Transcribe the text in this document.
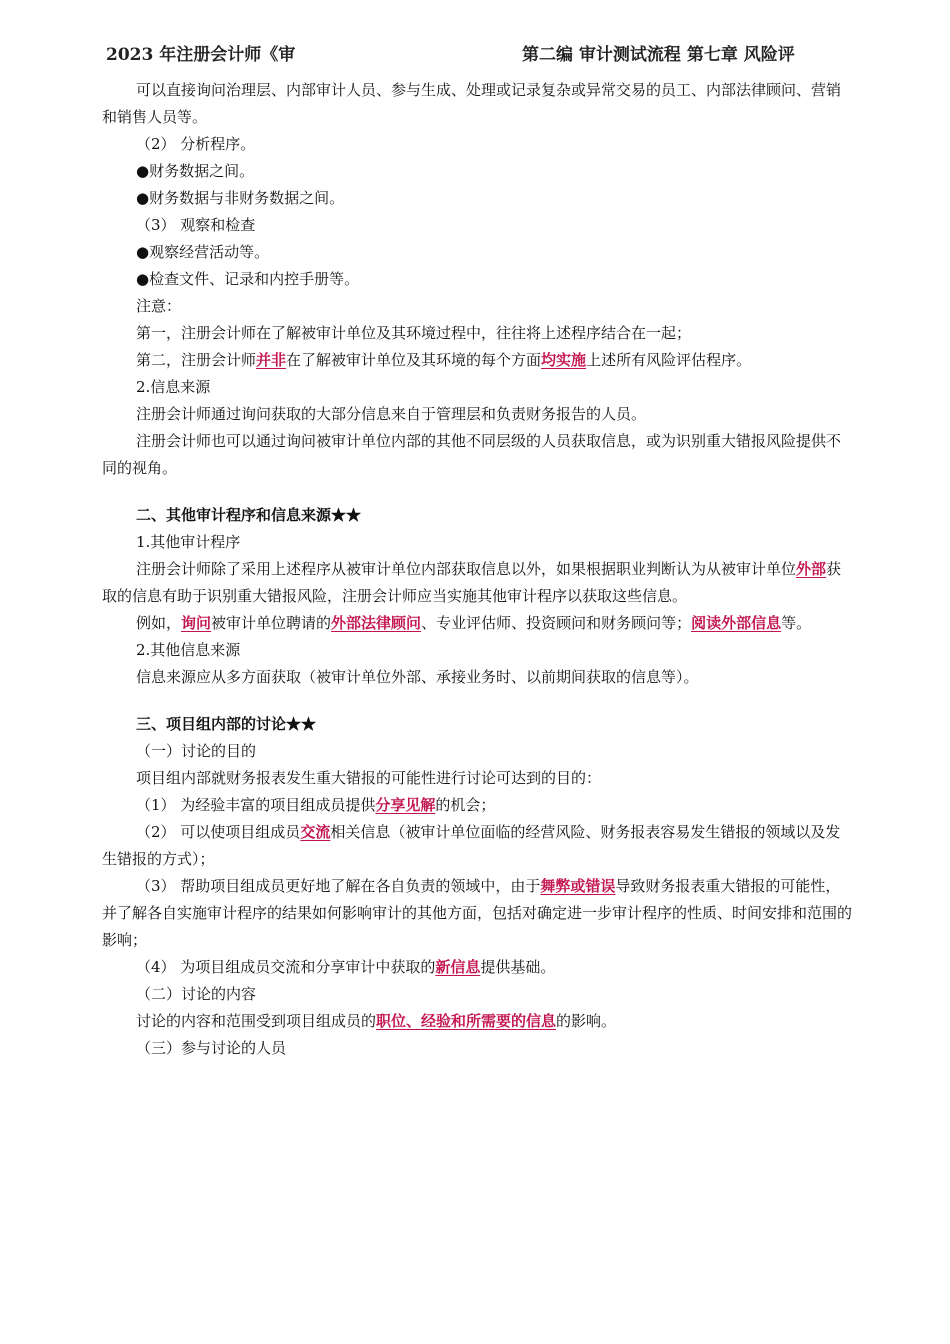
2023 年注册会计师《审	第二编 审计测试流程 第七章 风险评

可以直接询问治理层、内部审计人员、参与生成、处理或记录复杂或异常交易的员工、内部法律顾问、营销和销售人员等。

（2） 分析程序。

●财务数据之间。

●财务数据与非财务数据之间。

（3） 观察和检查

●观察经营活动等。

●检查文件、记录和内控手册等。

注意：

第一，注册会计师在了解被审计单位及其环境过程中，往往将上述程序结合在一起；

第二，注册会计师并非在了解被审计单位及其环境的每个方面均实施上述所有风险评估程序。

2.信息来源

注册会计师通过询问获取的大部分信息来自于管理层和负责财务报告的人员。

注册会计师也可以通过询问被审计单位内部的其他不同层级的人员获取信息，或为识别重大错报风险提供不同的视角。

二、其他审计程序和信息来源★★

1.其他审计程序

注册会计师除了采用上述程序从被审计单位内部获取信息以外，如果根据职业判断认为从被审计单位外部获取的信息有助于识别重大错报风险，注册会计师应当实施其他审计程序以获取这些信息。

例如，询问被审计单位聘请的外部法律顾问、专业评估师、投资顾问和财务顾问等；阅读外部信息等。

2.其他信息来源

信息来源应从多方面获取（被审计单位外部、承接业务时、以前期间获取的信息等）。

三、项目组内部的讨论★★

（一）讨论的目的

项目组内部就财务报表发生重大错报的可能性进行讨论可达到的目的：

（1） 为经验丰富的项目组成员提供分享见解的机会；

（2） 可以使项目组成员交流相关信息（被审计单位面临的经营风险、财务报表容易发生错报的领域以及发生错报的方式）；

（3） 帮助项目组成员更好地了解在各自负责的领域中，由于舞弊或错误导致财务报表重大错报的可能性，并了解各自实施审计程序的结果如何影响审计的其他方面，包括对确定进一步审计程序的性质、时间安排和范围的影响；

（4） 为项目组成员交流和分享审计中获取的新信息提供基础。

（二）讨论的内容

讨论的内容和范围受到项目组成员的职位、经验和所需要的信息的影响。

（三）参与讨论的人员
